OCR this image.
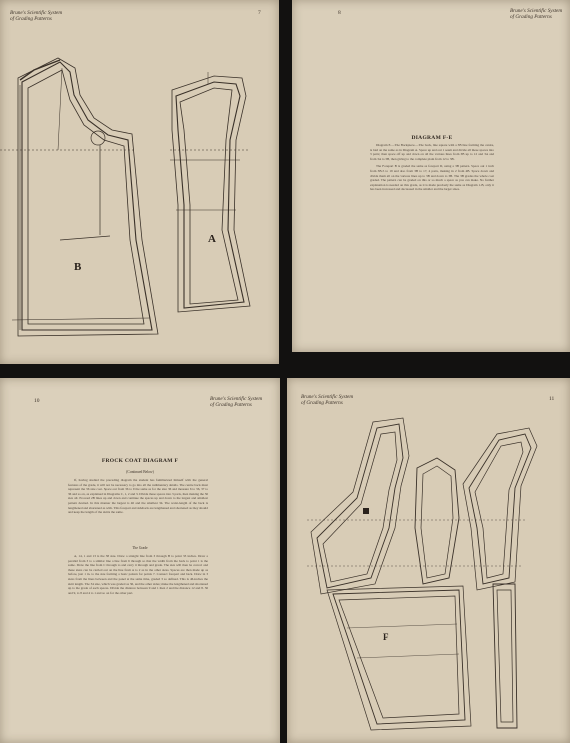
Brune's Scientific System
of Grading Patterns
7
B
A
8	Brune's Scientific System
of Grading Patterns
DIAGRAM F-E

Diagram E.—The Backpiece.—The back, line square with a 3B line forming the centre, is laid on the same as in Diagram A. Space up and out 1 seam and divide all these spaces into 3 parts; then space off up and down on all the various lines from 3B up to 12 and 3A and from 3A to 3B, then giving to the complete plain from 12 to 3B.

The Forepart B is graded the same as forepart D, using a 3B pattern. Space out 1 inch from 3B-5 to 19 and also from 3B to 17, 4 parts, making in 2 from 4B. Space down and divide them all on the various lines up to 3B and down to 3B. The 3B grades the whole coat graded. The pattern can be graded on this or so much a space as you can make. No further explanation is needed on this grade, as it is made precisely the same as Diagram 1-B, only it has been increased and decreased in the smaller and the larger sizes.

10	Brune's Scientific System
of Grading Patterns
FROCK COAT DIAGRAM F
(Continued Below)

If, having studied the preceding diagram the student has familiarized himself with the general features of the grade, it will not be necessary to go into all the rudimentary details. The centre back must represent the 36 size coat. Space out from 36 to 9 the same as for the size 36 and measure 6 to 36, 37 to 36 and so on, as explained in Diagrams C, 1, 2 and 3. Divide these spaces into 3 parts, then making the 36 size all. Proceed 2B lines up and down and continue the spaces up and down to the largest and smallest pattern desired. In this manner the largest is 46 and the smallest 34. The waist-length of the back is lengthened and shortened as with. This forepart and sideback are lengthened and shortened as they should and keep the length of the skirts the same.

The Grade

A, 14, 1 and 13 is the 38 size. Draw a straight line from 3 through B to point 33 inches. Draw a parallel from 3 to a similar line a line from 6 through so that the width from the back to point 1 is the same. Draw the line from C through to and carry it through and grade. The size will then be correct and these sizes can be carried out on the line from A to 2 as in the other sizes. Spaces are then made up as before, just 1 in. to the size forming a basic pattern for points 7. Connect forepart and back. Draw in 3 sizes from the lines between and the panel at the same time, graded 3 so defined. This is 46-inches the skirt length. The 34 size, which was graded as 36, and the other sides; make the lengthened and shortened up to the grade of each spaces. Divide the distance between 9 and 1 then 2 and the distance 12 and 8. 36 and 9, to 8 and 4 to 1 and so on for the other part.

Brune's Scientific System
of Grading Patterns
11
F
